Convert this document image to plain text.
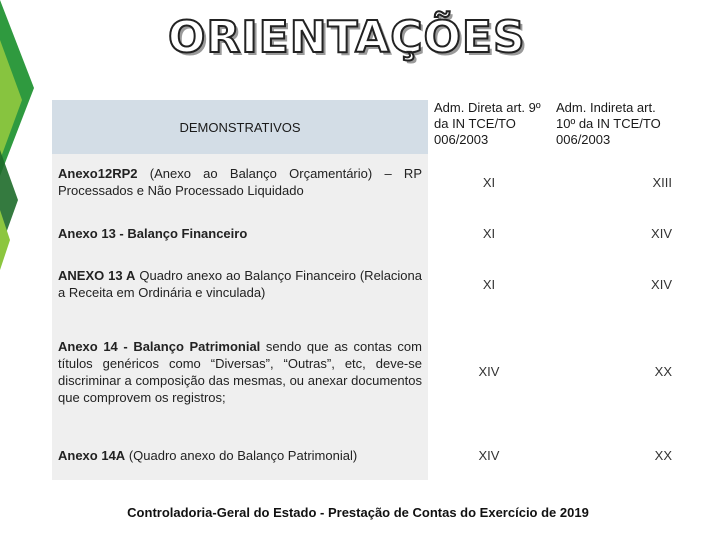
ORIENTAÇÕES
DEMONSTRATIVOS	Adm. Direta art. 9º da IN TCE/TO 006/2003	Adm. Indireta art. 10º da IN TCE/TO 006/2003
Anexo12RP2 (Anexo ao Balanço Orçamentário) – RP Processados e Não Processado Liquidado	XI	XIII
Anexo 13 - Balanço Financeiro	XI	XIV
ANEXO 13 A Quadro anexo ao Balanço Financeiro (Relaciona a Receita em Ordinária e vinculada)	XI	XIV
Anexo 14 - Balanço Patrimonial sendo que as contas com títulos genéricos como “Diversas”, “Outras”, etc, deve-se discriminar a composição das mesmas, ou anexar documentos que comprovem os registros;	XIV	XX
Anexo 14A (Quadro anexo do Balanço Patrimonial)	XIV	XX
Controladoria-Geral do Estado - Prestação de Contas do Exercício de 2019
